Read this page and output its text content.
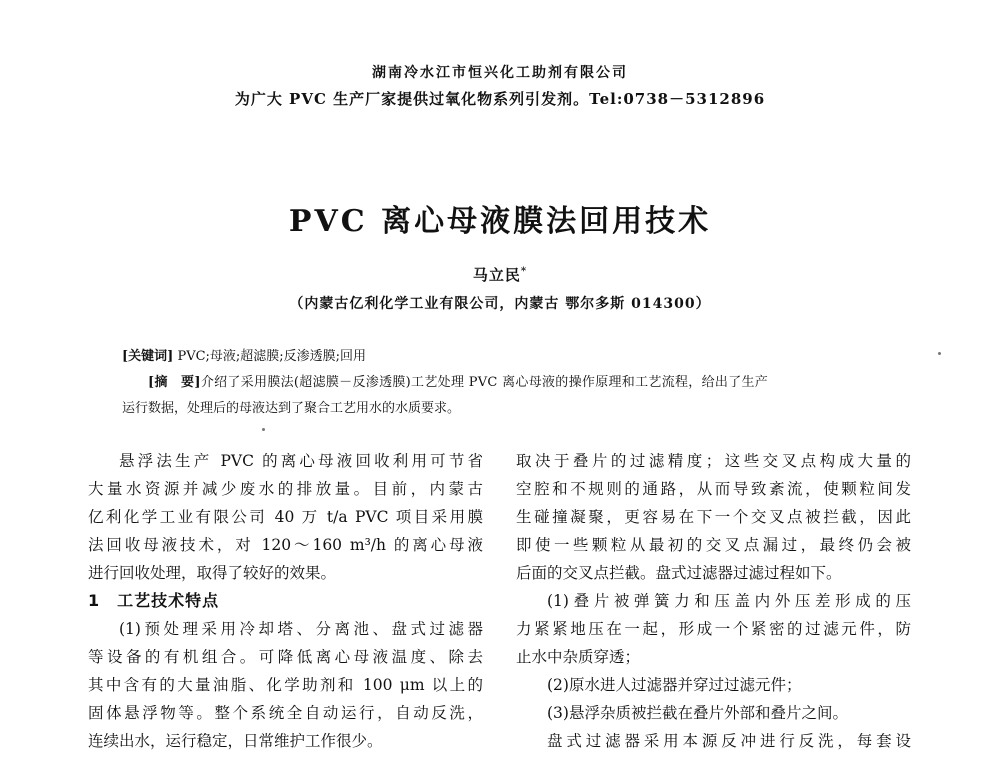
湖南冷水江市恒兴化工助剂有限公司
为广大 PVC 生产厂家提供过氧化物系列引发剂。Tel:0738－5312896
PVC 离心母液膜法回用技术
马立民*
（内蒙古亿利化学工业有限公司，内蒙古 鄂尔多斯 014300）
[关键词] PVC;母液;超滤膜;反渗透膜;回用
[摘　要]介绍了采用膜法(超滤膜－反渗透膜)工艺处理 PVC 离心母液的操作原理和工艺流程，给出了生产
运行数据，处理后的母液达到了聚合工艺用水的水质要求。
悬浮法生产 PVC 的离心母液回收利用可节省
大量水资源并减少废水的排放量。目前，内蒙古
亿利化学工业有限公司 40 万 t/a PVC 项目采用膜
法回收母液技术，对 120～160 m³/h 的离心母液
进行回收处理，取得了较好的效果。
1　工艺技术特点
(1)预处理采用冷却塔、分离池、盘式过滤器
等设备的有机组合。可降低离心母液温度、除去
其中含有的大量油脂、化学助剂和 100 μm 以上的
固体悬浮物等。整个系统全自动运行，自动反洗，
连续出水，运行稳定，日常维护工作很少。
取决于叠片的过滤精度；这些交叉点构成大量的
空腔和不规则的通路，从而导致紊流，使颗粒间发
生碰撞凝聚，更容易在下一个交叉点被拦截，因此
即使一些颗粒从最初的交叉点漏过，最终仍会被
后面的交叉点拦截。盘式过滤器过滤过程如下。
(1)叠片被弹簧力和压盖内外压差形成的压
力紧紧地压在一起，形成一个紧密的过滤元件，防
止水中杂质穿透；
(2)原水进人过滤器并穿过过滤元件；
(3)悬浮杂质被拦截在叠片外部和叠片之间。
盘式过滤器采用本源反冲进行反洗，每套设
